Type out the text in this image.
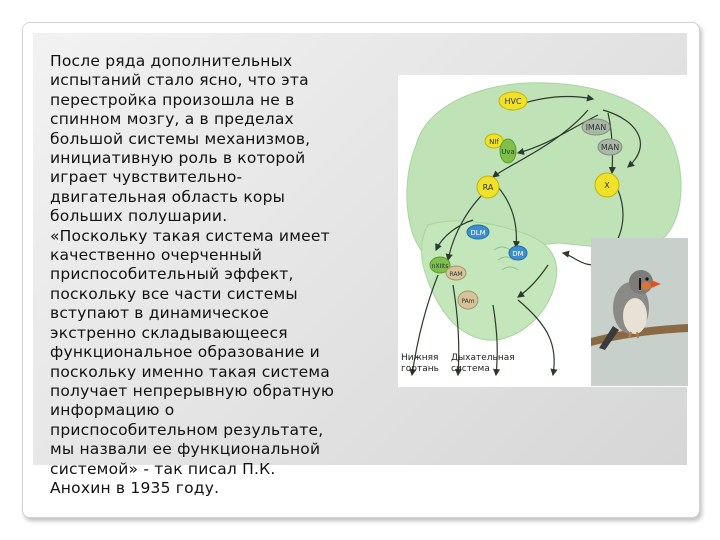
После ряда дополнительных
испытаний стало ясно, что эта
перестройка произошла не в
спинном мозгу, а в пределах
большой системы механизмов,
инициативную роль в которой
играет чувствительно-
двигательная область коры
больших полушарии.

«Поскольку такая система имеет
качественно очерченный
приспособительный эффект,
поскольку все части системы
вступают в динамическое
экстренно складывающееся
функциональное образование и
поскольку именно такая система
получает непрерывную обратную
информацию о
приспособительном результате,
мы назвали ее функциональной
системой» - так писал П.К.
Анохин в 1935 году.

HVC
lMAN
MAN
NIf
Uva
RA	X
DLM
DM
nXIIts
RAM
PAm
Нижняя
гортань
Дыхательная
система
